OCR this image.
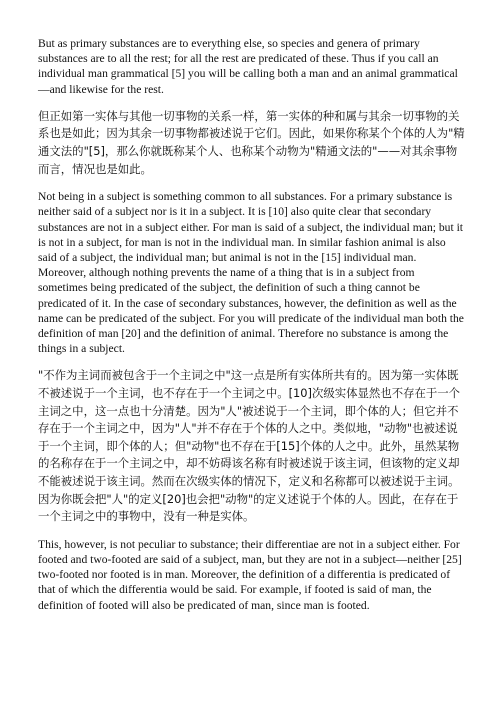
But as primary substances are to everything else, so species and genera of primary substances are to all the rest; for all the rest are predicated of these. Thus if you call an individual man grammatical [5] you will be calling both a man and an animal grammatical—and likewise for the rest.

但正如第一实体与其他一切事物的关系一样，第一实体的种和属与其余一切事物的关系也是如此；因为其余一切事物都被述说于它们。因此，如果你称某个个体的人为"精通文法的"[5]，那么你就既称某个人、也称某个动物为"精通文法的"——对其余事物而言，情况也是如此。

Not being in a subject is something common to all substances. For a primary substance is neither said of a subject nor is it in a subject. It is [10] also quite clear that secondary substances are not in a subject either. For man is said of a subject, the individual man; but it is not in a subject, for man is not in the individual man. In similar fashion animal is also said of a subject, the individual man; but animal is not in the [15] individual man. Moreover, although nothing prevents the name of a thing that is in a subject from sometimes being predicated of the subject, the definition of such a thing cannot be predicated of it. In the case of secondary substances, however, the definition as well as the name can be predicated of the subject. For you will predicate of the individual man both the definition of man [20] and the definition of animal. Therefore no substance is among the things in a subject.

"不作为主词而被包含于一个主词之中"这一点是所有实体所共有的。因为第一实体既不被述说于一个主词，也不存在于一个主词之中。[10]次级实体显然也不存在于一个主词之中，这一点也十分清楚。因为"人"被述说于一个主词，即个体的人；但它并不存在于一个主词之中，因为"人"并不存在于个体的人之中。类似地，"动物"也被述说于一个主词，即个体的人；但"动物"也不存在于[15]个体的人之中。此外，虽然某物的名称存在于一个主词之中，却不妨碍该名称有时被述说于该主词，但该物的定义却不能被述说于该主词。然而在次级实体的情况下，定义和名称都可以被述说于主词。因为你既会把"人"的定义[20]也会把"动物"的定义述说于个体的人。因此，在存在于一个主词之中的事物中，没有一种是实体。

This, however, is not peculiar to substance; their differentiae are not in a subject either. For footed and two-footed are said of a subject, man, but they are not in a subject—neither [25] two-footed nor footed is in man. Moreover, the definition of a differentia is predicated of that of which the differentia would be said. For example, if footed is said of man, the definition of footed will also be predicated of man, since man is footed.
